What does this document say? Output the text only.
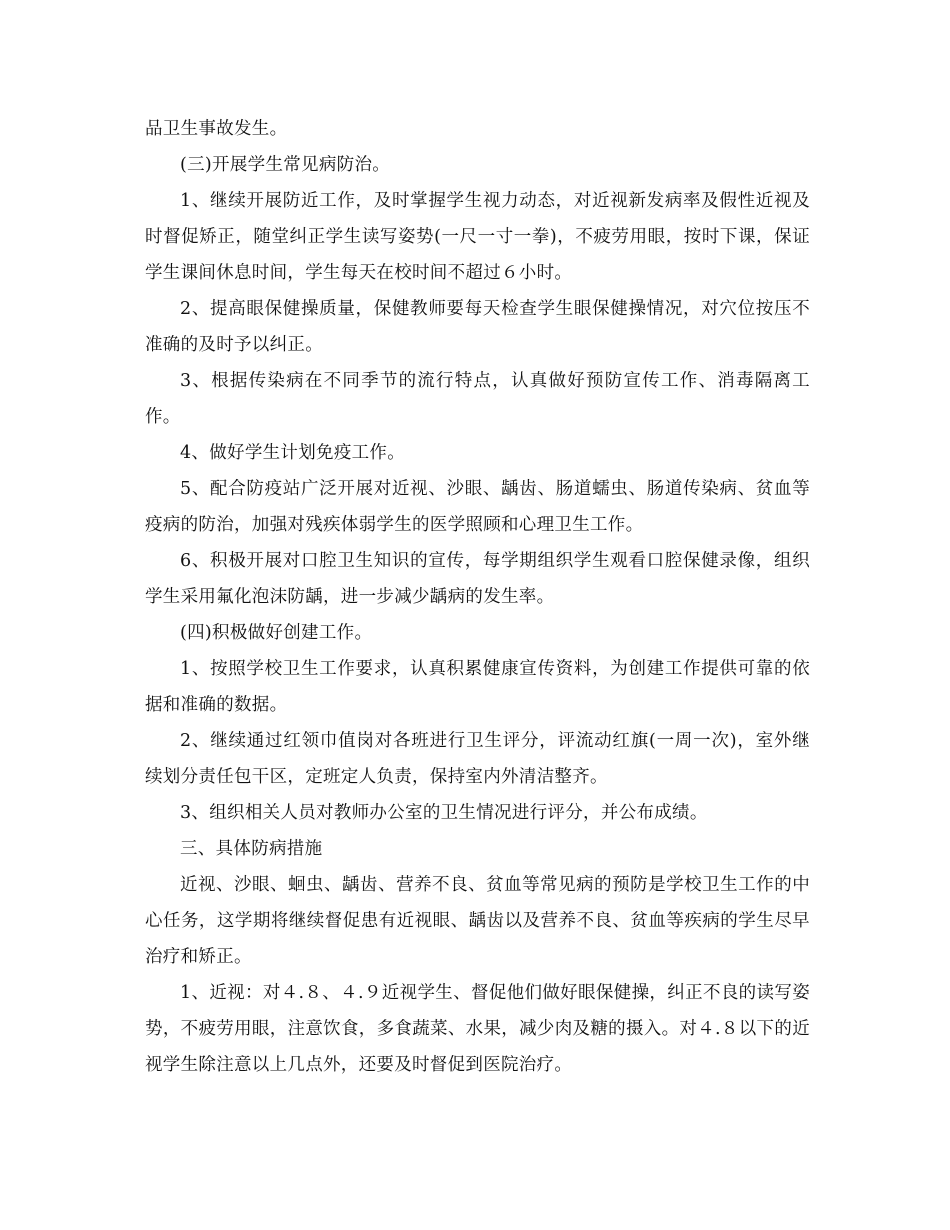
品卫生事故发生。

(三)开展学生常见病防治。

1、继续开展防近工作，及时掌握学生视力动态，对近视新发病率及假性近视及时督促矫正，随堂纠正学生读写姿势(一尺一寸一拳)，不疲劳用眼，按时下课，保证学生课间休息时间，学生每天在校时间不超过６小时。

2、提高眼保健操质量，保健教师要每天检查学生眼保健操情况，对穴位按压不准确的及时予以纠正。

3、根据传染病在不同季节的流行特点，认真做好预防宣传工作、消毒隔离工作。

4、做好学生计划免疫工作。

5、配合防疫站广泛开展对近视、沙眼、龋齿、肠道蠕虫、肠道传染病、贫血等疫病的防治，加强对残疾体弱学生的医学照顾和心理卫生工作。

6、积极开展对口腔卫生知识的宣传，每学期组织学生观看口腔保健录像，组织学生采用氟化泡沫防龋，进一步减少龋病的发生率。

(四)积极做好创建工作。

1、按照学校卫生工作要求，认真积累健康宣传资料，为创建工作提供可靠的依据和准确的数据。

2、继续通过红领巾值岗对各班进行卫生评分，评流动红旗(一周一次)，室外继续划分责任包干区，定班定人负责，保持室内外清洁整齐。

3、组织相关人员对教师办公室的卫生情况进行评分，并公布成绩。

三、具体防病措施

近视、沙眼、蛔虫、龋齿、营养不良、贫血等常见病的预防是学校卫生工作的中心任务，这学期将继续督促患有近视眼、龋齿以及营养不良、贫血等疾病的学生尽早治疗和矫正。

1、近视：对４.８、４.９近视学生、督促他们做好眼保健操，纠正不良的读写姿势，不疲劳用眼，注意饮食，多食蔬菜、水果，减少肉及糖的摄入。对４.８以下的近视学生除注意以上几点外，还要及时督促到医院治疗。
